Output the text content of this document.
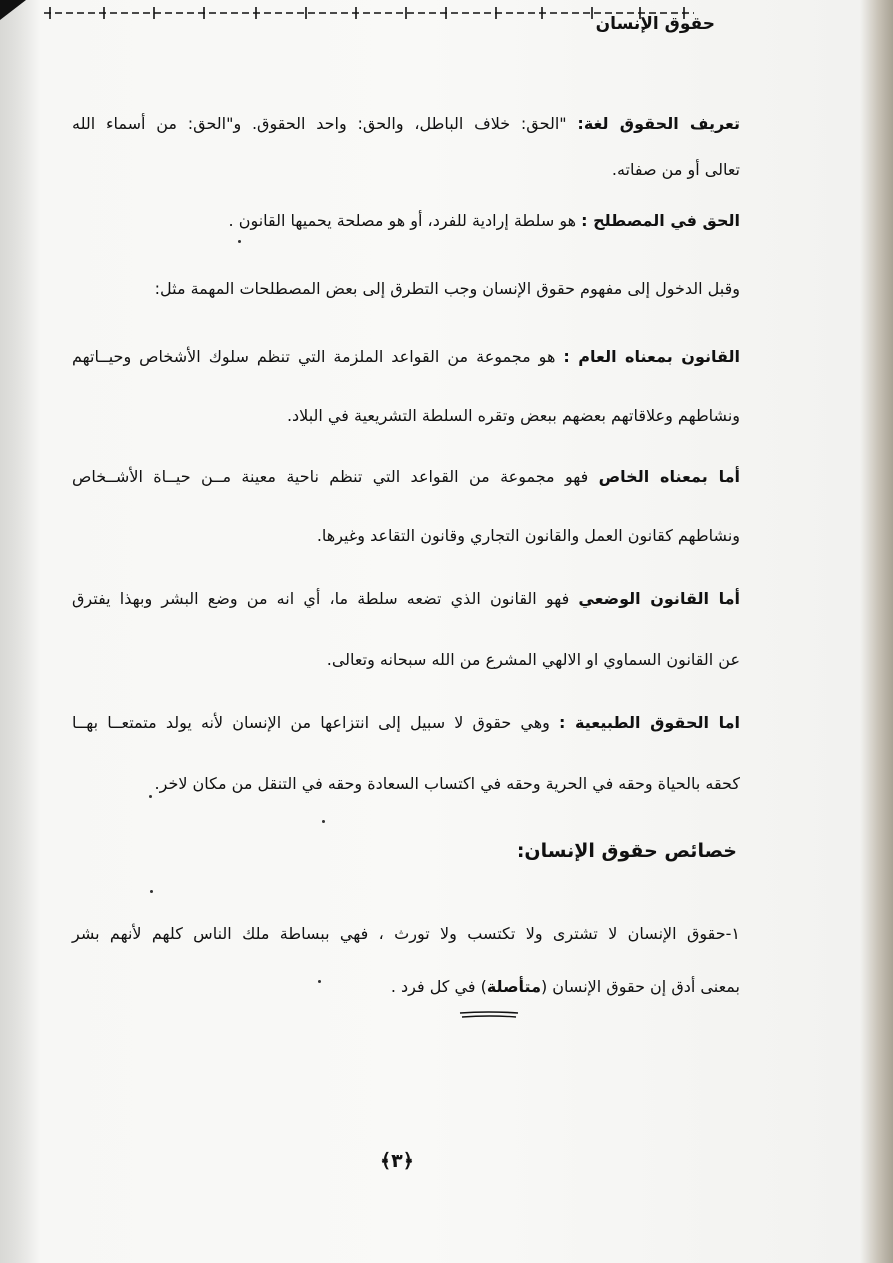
حقوق الإنسان
تعريف الحقوق لغة: "الحق: خلاف الباطل، والحق: واحد الحقوق. و"الحق: من أسماء الله
تعالى أو من صفاته.
الحق في المصطلح : هو سلطة إرادية للفرد، أو هو مصلحة يحميها القانون .
وقبل الدخول إلى مفهوم حقوق الإنسان وجب التطرق إلى بعض المصطلحات المهمة مثل:
القانون بمعناه العام : هو مجموعة من القواعد الملزمة التي تنظم سلوك الأشخاص وحيــاتهم
ونشاطهم وعلاقاتهم بعضهم ببعض وتقره السلطة التشريعية في البلاد.
أما بمعناه الخاص فهو مجموعة من القواعد التي تنظم ناحية معينة مــن حيــاة الأشــخاص
ونشاطهم كقانون العمل والقانون التجاري وقانون التقاعد وغيرها.
أما القانون الوضعي فهو القانون الذي تضعه سلطة ما، أي انه من وضع البشر وبهذا يفترق
عن القانون السماوي او الالهي المشرع من الله سبحانه وتعالى.
اما الحقوق الطبيعية : وهي حقوق لا سبيل إلى انتزاعها من الإنسان لأنه يولد متمتعــا بهــا
كحقه بالحياة وحقه في الحرية وحقه في اكتساب السعادة وحقه في التنقل من مكان لاخر.
خصائص حقوق الإنسان:
١-حقوق الإنسان لا تشترى ولا تكتسب ولا تورث ، فهي ببساطة ملك الناس كلهم لأنهم بشر
بمعنى أدق إن حقوق الإنسان (متأصلة) في كل فرد .
﴾٣﴿
